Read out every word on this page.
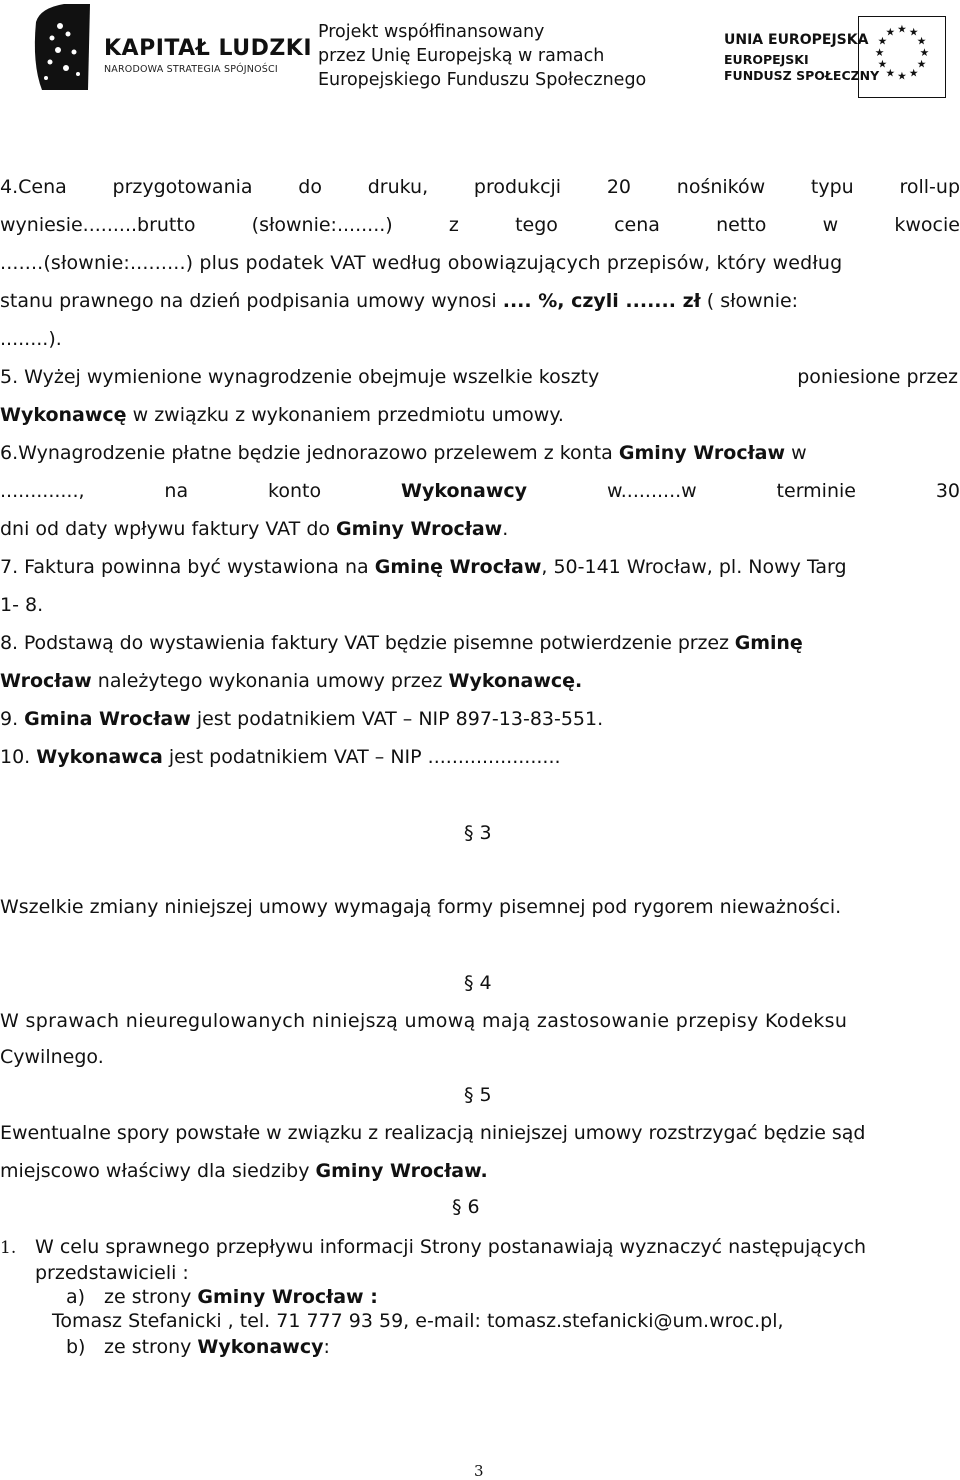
KAPITAŁ LUDZKI
NARODOWA STRATEGIA SPÓJNOŚCI
Projekt współfinansowany
przez Unię Europejską w ramach
Europejskiego Funduszu Społecznego
UNIA EUROPEJSKA
EUROPEJSKI
FUNDUSZ SPOŁECZNY
★ ★
★
★
★
★
★
★
★
★
★
★
4.Cena przygotowania do druku, produkcji 20 nośników typu roll-up
wyniesie.........brutto	(słownie:........)	z	tego	cena	netto	w	kwocie
.......(słownie:.........) plus podatek VAT według obowiązujących przepisów, który według
stanu prawnego na dzień podpisania umowy wynosi .... %, czyli ....... zł ( słownie:
........).
5. Wyżej wymienione wynagrodzenie obejmuje wszelkie koszty	poniesione przez
Wykonawcę w związku z wykonaniem przedmiotu umowy.
6.Wynagrodzenie płatne będzie jednorazowo przelewem z konta Gminy Wrocław w
............., na	konto	Wykonawcy	w..........w terminie 30
dni od daty wpływu faktury VAT do Gminy Wrocław.
7. Faktura powinna być wystawiona na Gminę Wrocław, 50-141 Wrocław, pl. Nowy Targ
1- 8.
8. Podstawą do wystawienia faktury VAT będzie pisemne potwierdzenie przez Gminę
Wrocław należytego wykonania umowy przez Wykonawcę.
9. Gmina Wrocław jest podatnikiem VAT – NIP 897-13-83-551.
10. Wykonawca jest podatnikiem VAT – NIP ......................
§ 3
Wszelkie zmiany niniejszej umowy wymagają formy pisemnej pod rygorem nieważności.
§ 4
W sprawach nieuregulowanych niniejszą umową mają zastosowanie przepisy Kodeksu
Cywilnego.
§ 5
Ewentualne spory powstałe w związku z realizacją niniejszej umowy rozstrzygać będzie sąd
miejscowo właściwy dla siedziby Gminy Wrocław.
§ 6
1. W celu sprawnego przepływu informacji Strony postanawiają wyznaczyć następujących
przedstawicieli :
a) ze strony Gminy Wrocław :
Tomasz Stefanicki , tel. 71 777 93 59, e-mail: tomasz.stefanicki@um.wroc.pl,
b) ze strony Wykonawcy:
3
